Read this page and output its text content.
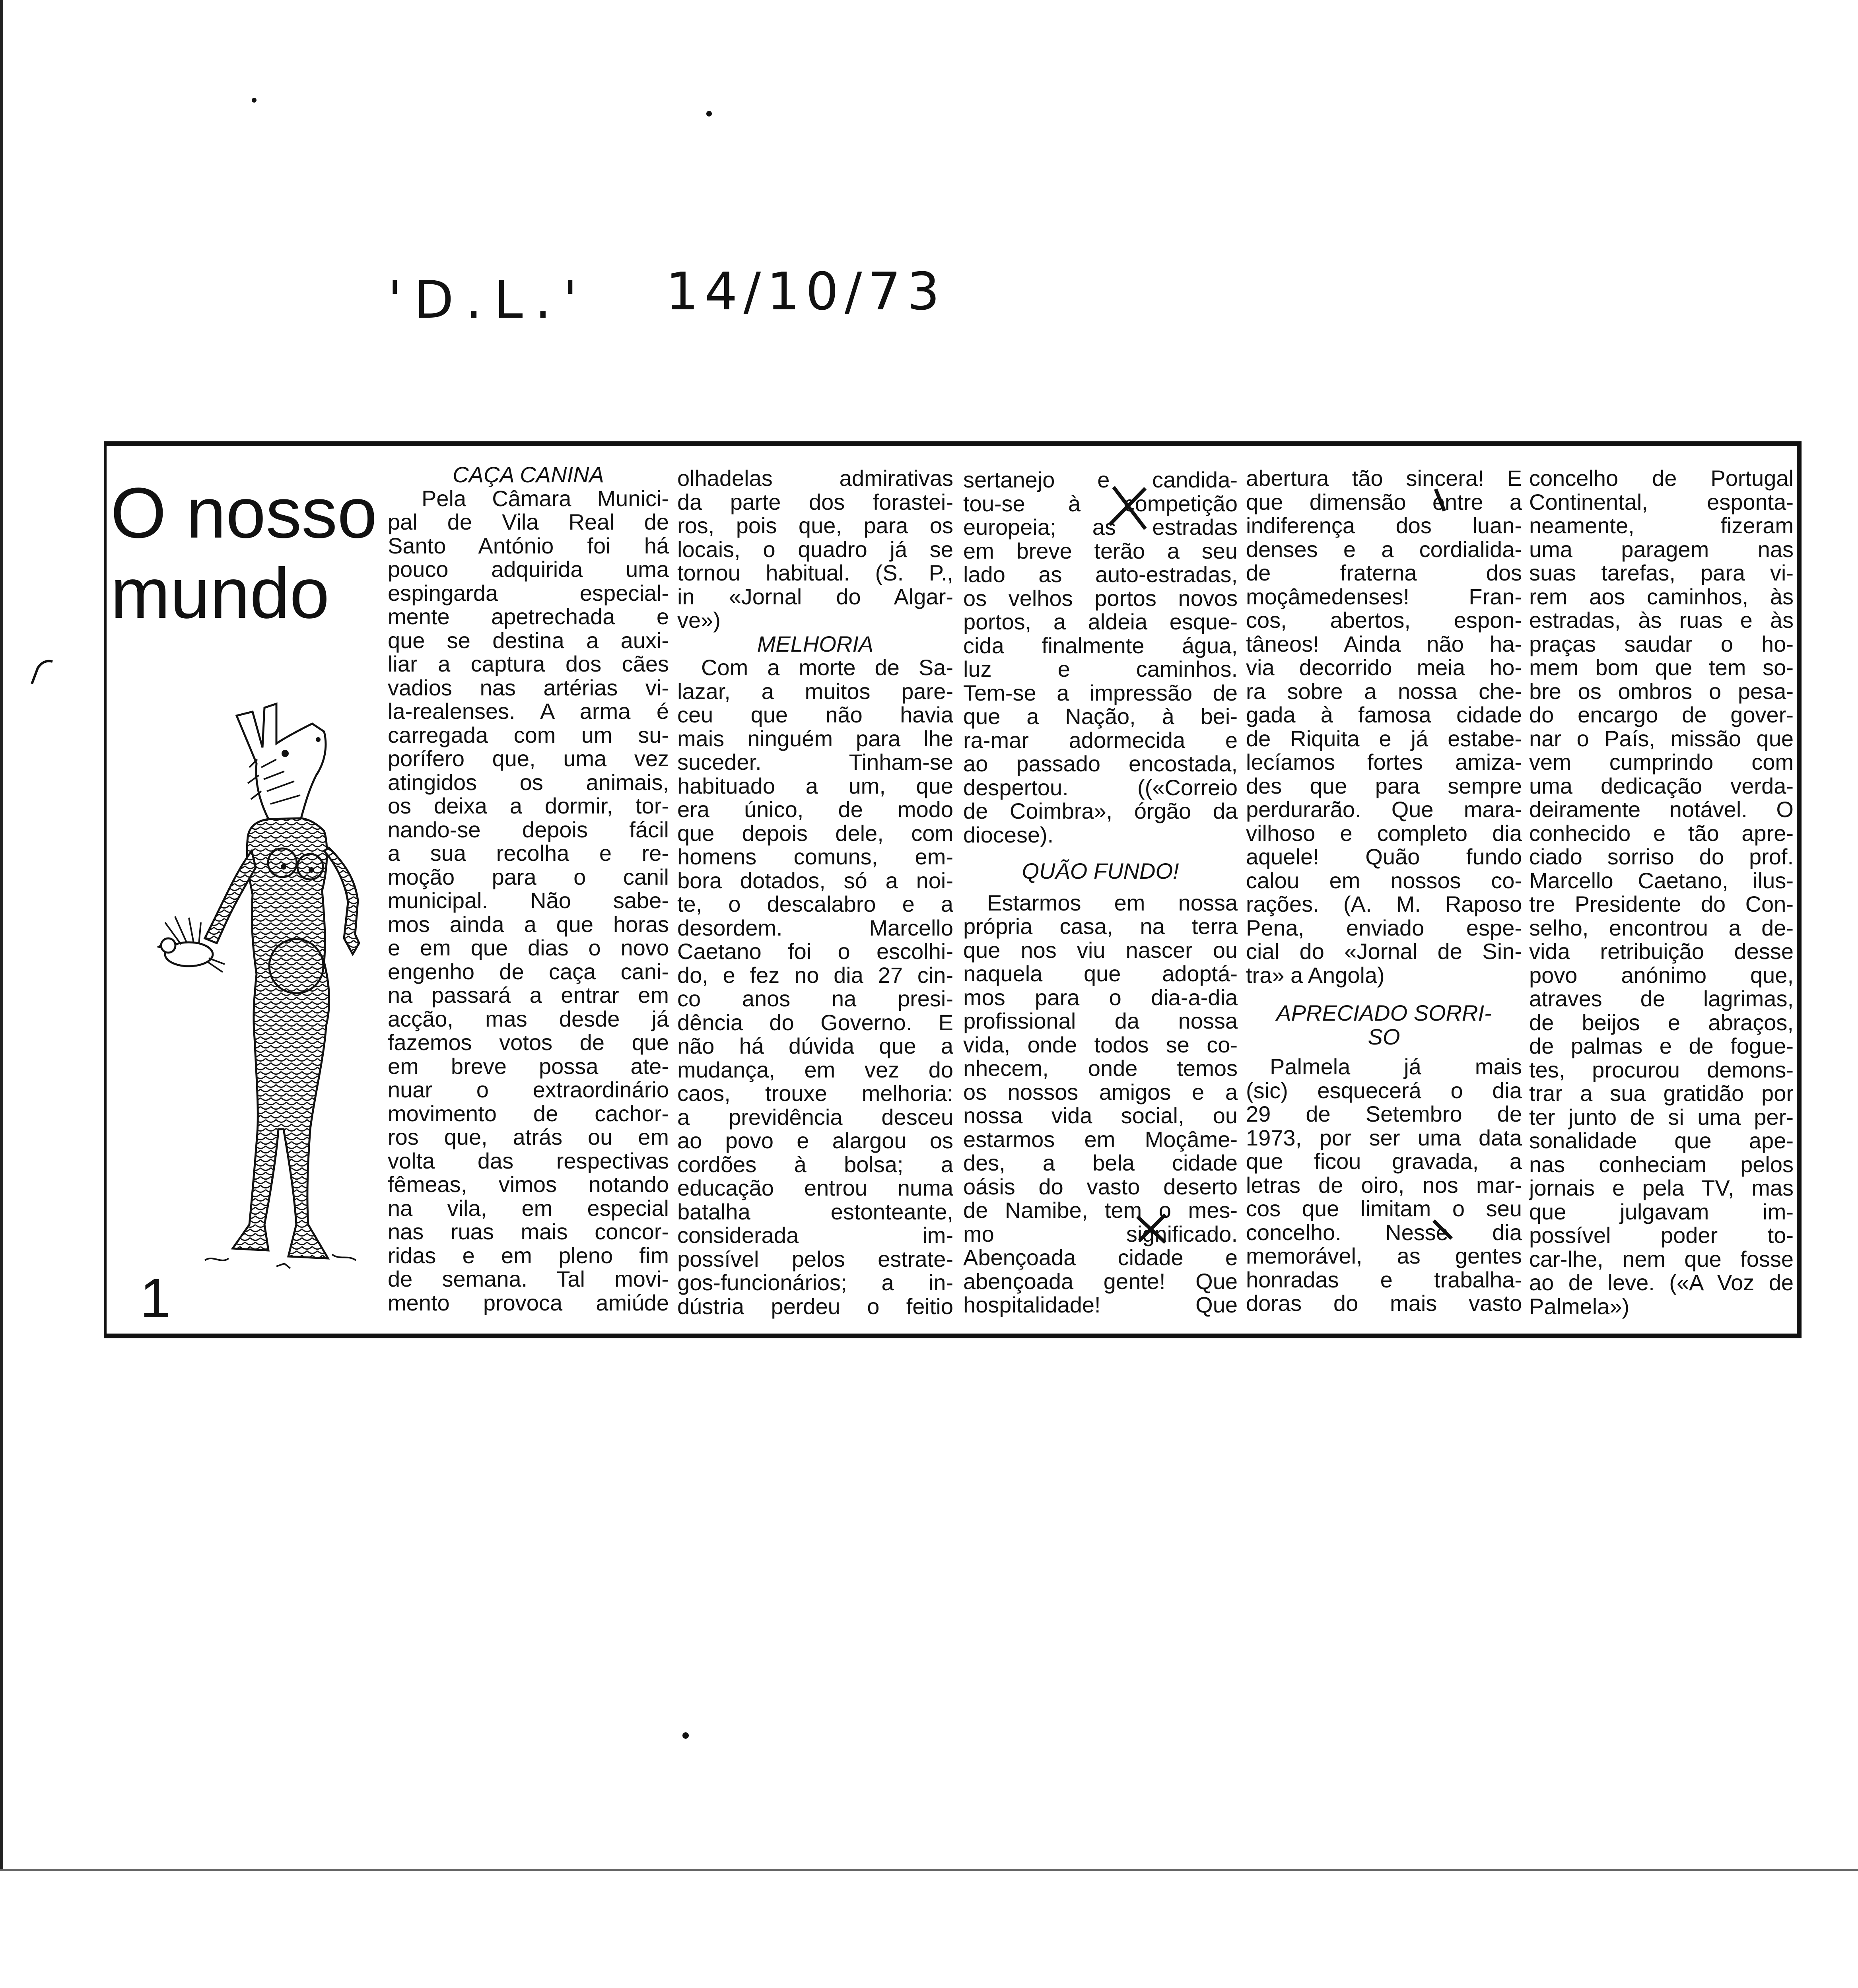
'D.L.' 14/10/73
O nosso
mundo
1
CAÇA CANINA
Pela Câmara Munici-
pal de Vila Real de
Santo António foi há
pouco adquirida uma
espingarda especial-
mente apetrechada e
que se destina a auxi-
liar a captura dos cães
vadios nas artérias vi-
la-realenses. A arma é
carregada com um su-
porífero que, uma vez
atingidos os animais,
os deixa a dormir, tor-
nando-se depois fácil
a sua recolha e re-
moção para o canil
municipal. Não sabe-
mos ainda a que horas
e em que dias o novo
engenho de caça cani-
na passará a entrar em
acção, mas desde já
fazemos votos de que
em breve possa ate-
nuar o extraordinário
movimento de cachor-
ros que, atrás ou em
volta das respectivas
fêmeas, vimos notando
na vila, em especial
nas ruas mais concor-
ridas e em pleno fim
de semana. Tal movi-
mento provoca amiúde
olhadelas admirativas
da parte dos forastei-
ros, pois que, para os
locais, o quadro já se
tornou habitual. (S. P.,
in «Jornal do Algar-
ve»)
MELHORIA
Com a morte de Sa-
lazar, a muitos pare-
ceu que não havia
mais ninguém para lhe
suceder. Tinham-se
habituado a um, que
era único, de modo
que depois dele, com
homens comuns, em-
bora dotados, só a noi-
te, o descalabro e a
desordem. Marcello
Caetano foi o escolhi-
do, e fez no dia 27 cin-
co anos na presi-
dência do Governo. E
não há dúvida que a
mudança, em vez do
caos, trouxe melhoria:
a previdência desceu
ao povo e alargou os
cordões à bolsa; a
educação entrou numa
batalha estonteante,
considerada im-
possível pelos estrate-
gos-funcionários; a in-
dústria perdeu o feitio
sertanejo e candida-
tou-se à competição
europeia; as estradas
em breve terão a seu
lado as auto-estradas,
os velhos portos novos
portos, a aldeia esque-
cida finalmente água,
luz e caminhos.
Tem-se a impressão de
que a Nação, à bei-
ra-mar adormecida e
ao passado encostada,
despertou. ((«Correio
de Coimbra», órgão da
diocese).
QUÃO FUNDO!
Estarmos em nossa
própria casa, na terra
que nos viu nascer ou
naquela que adoptá-
mos para o dia-a-dia
profissional da nossa
vida, onde todos se co-
nhecem, onde temos
os nossos amigos e a
nossa vida social, ou
estarmos em Moçâme-
des, a bela cidade
oásis do vasto deserto
de Namibe, tem o mes-
mo significado.
Abençoada cidade e
abençoada gente! Que
hospitalidade! Que
abertura tão sincera! E
que dimensão entre a
indiferença dos luan-
denses e a cordialida-
de fraterna dos
moçâmedenses! Fran-
cos, abertos, espon-
tâneos! Ainda não ha-
via decorrido meia ho-
ra sobre a nossa che-
gada à famosa cidade
de Riquita e já estabe-
lecíamos fortes amiza-
des que para sempre
perdurarão. Que mara-
vilhoso e completo dia
aquele! Quão fundo
calou em nossos co-
rações. (A. M. Raposo
Pena, enviado espe-
cial do «Jornal de Sin-
tra» a Angola)
APRECIADO SORRI-
SO
Palmela já mais
(sic) esquecerá o dia
29 de Setembro de
1973, por ser uma data
que ficou gravada, a
letras de oiro, nos mar-
cos que limitam o seu
concelho. Nesse dia
memorável, as gentes
honradas e trabalha-
doras do mais vasto
concelho de Portugal
Continental, esponta-
neamente, fizeram
uma paragem nas
suas tarefas, para vi-
rem aos caminhos, às
estradas, às ruas e às
praças saudar o ho-
mem bom que tem so-
bre os ombros o pesa-
do encargo de gover-
nar o País, missão que
vem cumprindo com
uma dedicação verda-
deiramente notável. O
conhecido e tão apre-
ciado sorriso do prof.
Marcello Caetano, ilus-
tre Presidente do Con-
selho, encontrou a de-
vida retribuição desse
povo anónimo que,
atraves de lagrimas,
de beijos e abraços,
de palmas e de fogue-
tes, procurou demons-
trar a sua gratidão por
ter junto de si uma per-
sonalidade que ape-
nas conheciam pelos
jornais e pela TV, mas
que julgavam im-
possível poder to-
car-lhe, nem que fosse
ao de leve. («A Voz de
Palmela»)
